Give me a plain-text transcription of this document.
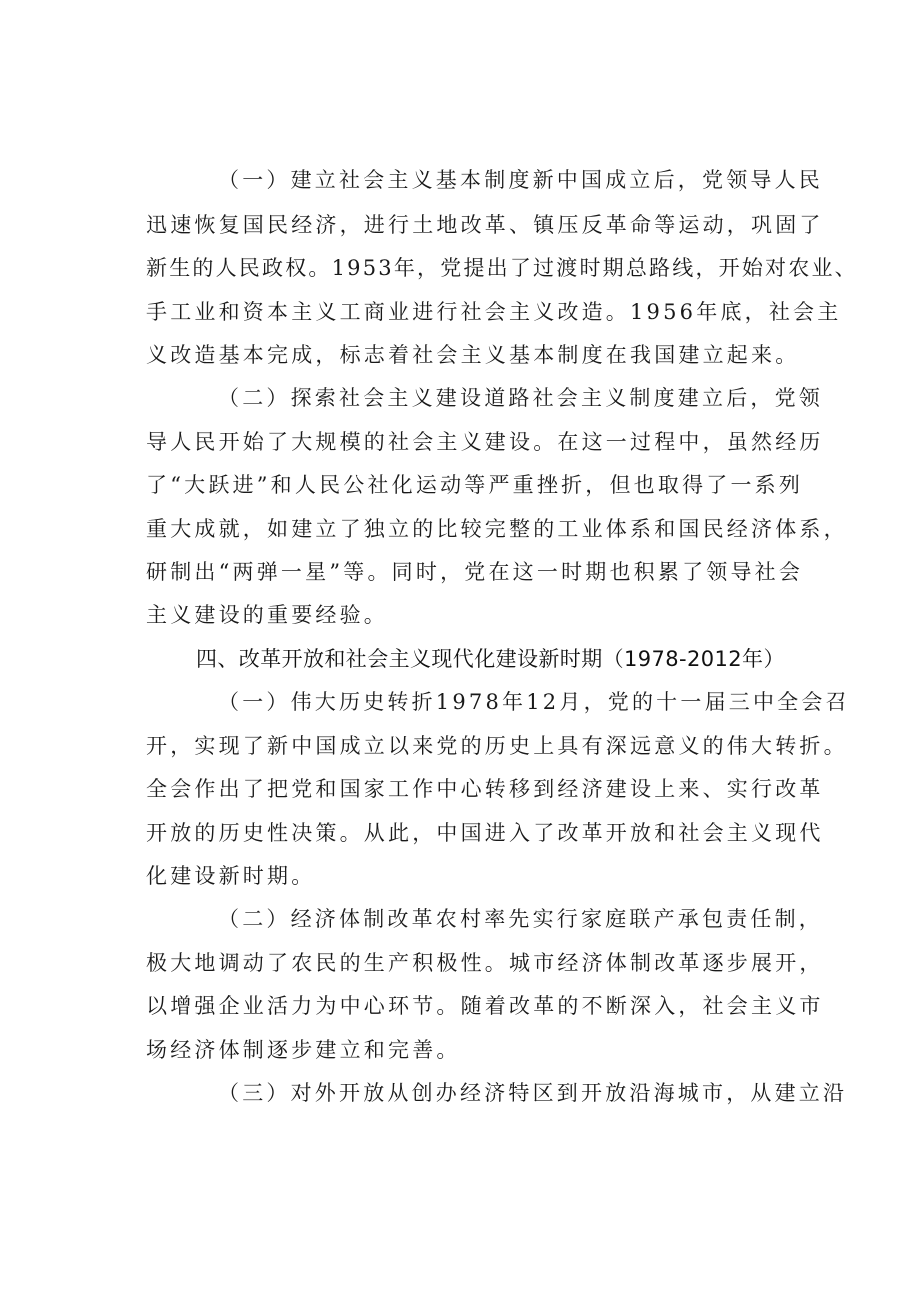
（一）建立社会主义基本制度新中国成立后，党领导人民
迅速恢复国民经济，进行土地改革、镇压反革命等运动，巩固了
新生的人民政权。1953年，党提出了过渡时期总路线，开始对农业、
手工业和资本主义工商业进行社会主义改造。1956年底，社会主
义改造基本完成，标志着社会主义基本制度在我国建立起来。
（二）探索社会主义建设道路社会主义制度建立后，党领
导人民开始了大规模的社会主义建设。在这一过程中，虽然经历
了“大跃进”和人民公社化运动等严重挫折，但也取得了一系列
重大成就，如建立了独立的比较完整的工业体系和国民经济体系，
研制出“两弹一星”等。同时，党在这一时期也积累了领导社会
主义建设的重要经验。
四、改革开放和社会主义现代化建设新时期（1978-2012年）
（一）伟大历史转折1978年12月，党的十一届三中全会召
开，实现了新中国成立以来党的历史上具有深远意义的伟大转折。
全会作出了把党和国家工作中心转移到经济建设上来、实行改革
开放的历史性决策。从此，中国进入了改革开放和社会主义现代
化建设新时期。
（二）经济体制改革农村率先实行家庭联产承包责任制，
极大地调动了农民的生产积极性。城市经济体制改革逐步展开，
以增强企业活力为中心环节。随着改革的不断深入，社会主义市
场经济体制逐步建立和完善。
（三）对外开放从创办经济特区到开放沿海城市，从建立沿
